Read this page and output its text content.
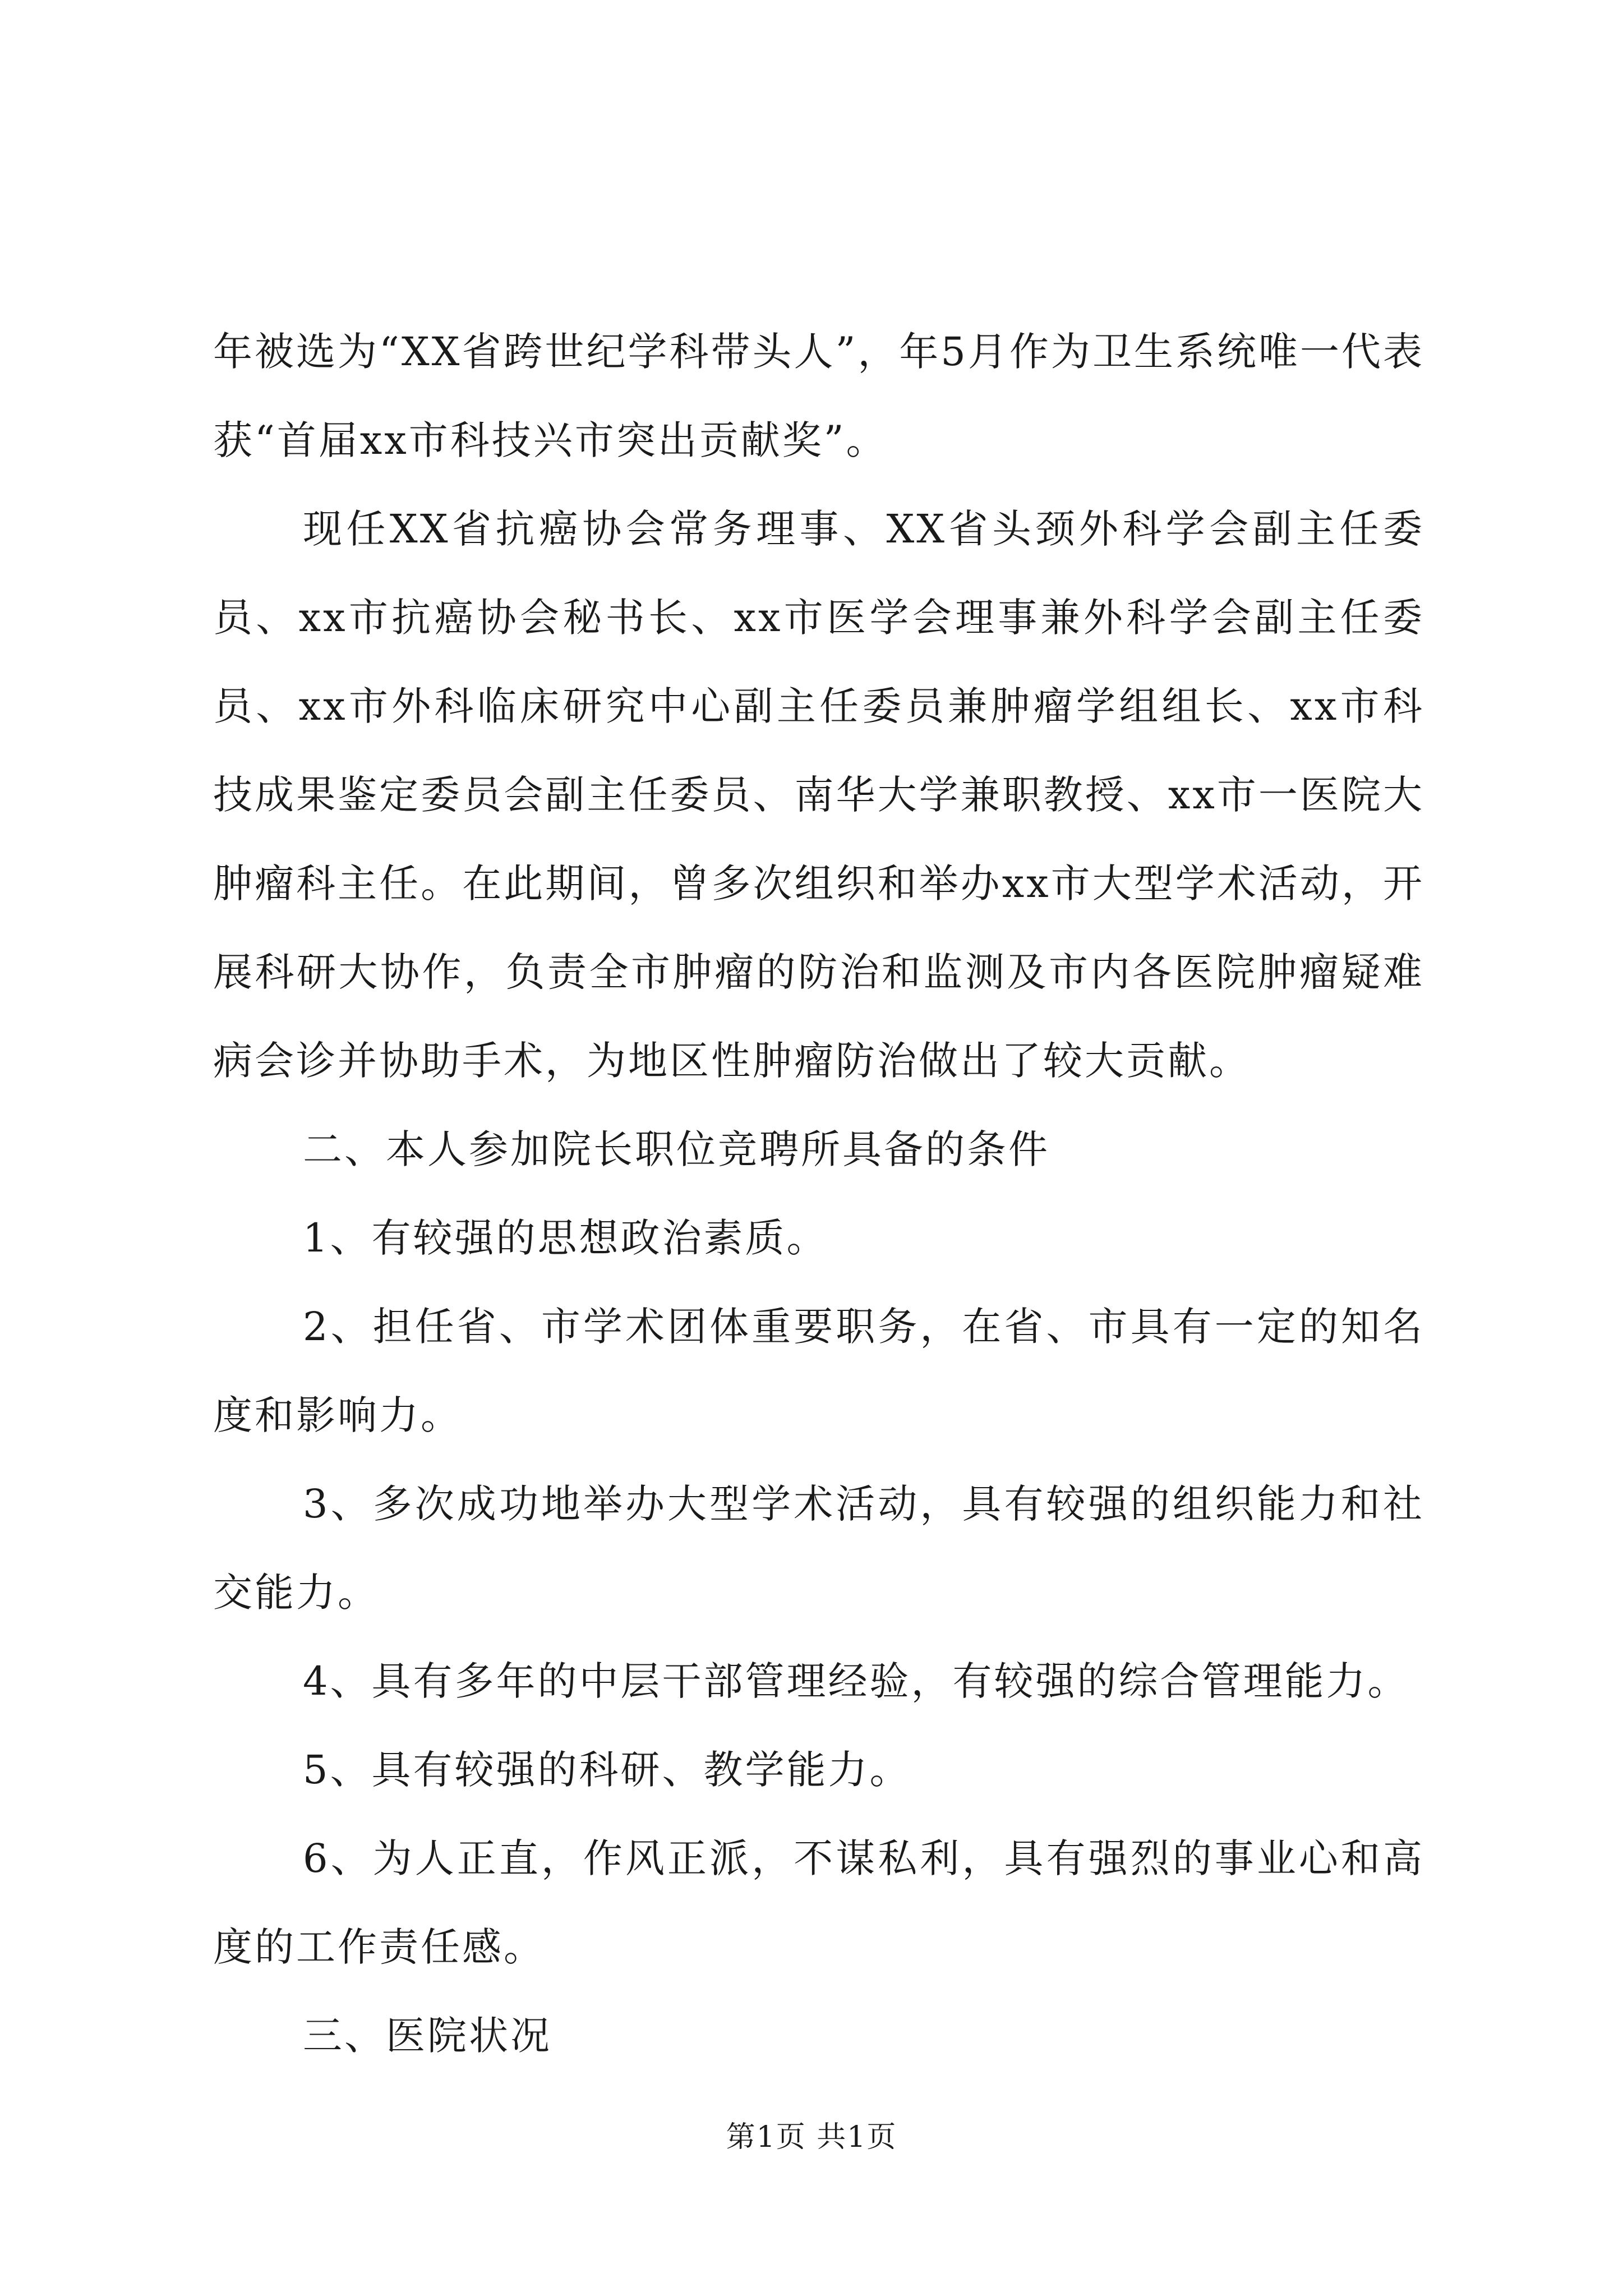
年被选为“XX省跨世纪学科带头人”，年5月作为卫生系统唯一代表获“首届xx市科技兴市突出贡献奖”。

现任XX省抗癌协会常务理事、XX省头颈外科学会副主任委员、xx市抗癌协会秘书长、xx市医学会理事兼外科学会副主任委员、xx市外科临床研究中心副主任委员兼肿瘤学组组长、xx市科技成果鉴定委员会副主任委员、南华大学兼职教授、xx市一医院大肿瘤科主任。在此期间，曾多次组织和举办xx市大型学术活动，开展科研大协作，负责全市肿瘤的防治和监测及市内各医院肿瘤疑难病会诊并协助手术，为地区性肿瘤防治做出了较大贡献。

二、本人参加院长职位竞聘所具备的条件

1、有较强的思想政治素质。

2、担任省、市学术团体重要职务，在省、市具有一定的知名度和影响力。

3、多次成功地举办大型学术活动，具有较强的组织能力和社交能力。

4、具有多年的中层干部管理经验，有较强的综合管理能力。

5、具有较强的科研、教学能力。

6、为人正直，作风正派，不谋私利，具有强烈的事业心和高度的工作责任感。

三、医院状况

第1页 共1页
